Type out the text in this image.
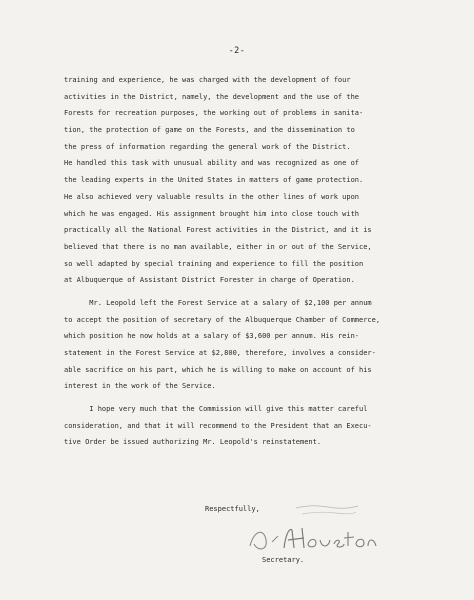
-2-
training and experience, he was charged with the development of four
activities in the District, namely, the development and the use of the
Forests for recreation purposes, the working out of problems in sanita-
tion, the protection of game on the Forests, and the dissemination to
the press of information regarding the general work of the District.
He handled this task with unusual ability and was recognized as one of
the leading experts in the United States in matters of game protection.
He also achieved very valuable results in the other lines of work upon
which he was engaged. His assignment brought him into close touch with
practically all the National Forest activities in the District, and it is
believed that there is no man available, either in or out of the Service,
so well adapted by special training and experience to fill the position
at Albuquerque of Assistant District Forester in charge of Operation.
Mr. Leopold left the Forest Service at a salary of $2,100 per annum
to accept the position of secretary of the Albuquerque Chamber of Commerce,
which position he now holds at a salary of $3,600 per annum. His rein-
statement in the Forest Service at $2,800, therefore, involves a consider-
able sacrifice on his part, which he is willing to make on account of his
interest in the work of the Service.
I hope very much that the Commission will give this matter careful
consideration, and that it will recommend to the President that an Execu-
tive Order be issued authorizing Mr. Leopold's reinstatement.
Respectfully,
Secretary.
